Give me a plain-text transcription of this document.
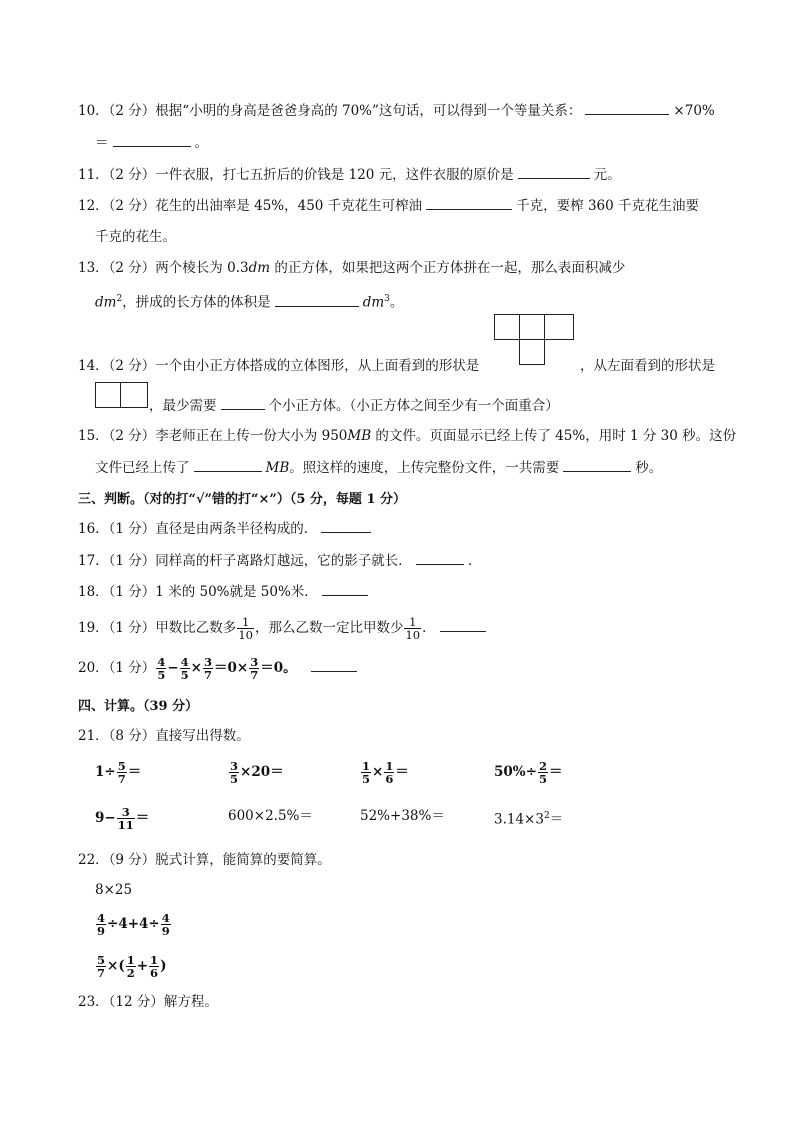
10．（2 分）根据“小明的身高是爸爸身高的 70%”这句话，可以得到一个等量关系：	×70%
＝	。
11．（2 分）一件衣服，打七五折后的价钱是 120 元，这件衣服的原价是	元。
12．（2 分）花生的出油率是 45%，450 千克花生可榨油	千克，要榨 360 千克花生油要
千克的花生。
13．（2 分）两个棱长为 0.3dm 的正方体，如果把这两个正方体拼在一起，那么表面积减少
$dm^2$，拼成的长方体的体积是	$dm^3$。
14．（2 分）一个由小正方体搭成的立体图形，从上面看到的形状是	，从左面看到的形状是
，最少需要	个小正方体。（小正方体之间至少有一个面重合）
15．（2 分）李老师正在上传一份大小为 950MB 的文件。页面显示已经上传了 45%，用时 1 分 30 秒。这份
文件已经上传了	MB。照这样的速度，上传完整份文件，一共需要	秒。
三、判断。（对的打“√”错的打“×”）（5 分，每题 1 分）
16．（1 分）直径是由两条半径构成的．
17．（1 分）同样高的杆子离路灯越远，它的影子就长．	．
18．（1 分）1 米的 50%就是 50%米．
19．（1 分）甲数比乙数多 $\frac{1}{10}$ ，那么乙数一定比甲数少 $\frac{1}{10}$ ．
20．（1 分） $\frac{4}{5} - \frac{4}{5} \times \frac{3}{7} =0\times \frac{3}{7} =0$。
四、计算。（39 分）
21．（8 分）直接写出得数。
$1\div \frac{5}{7}$ ＝	$\frac{3}{5} \times 20=$	$\frac{1}{5} \times \frac{1}{6}$ ＝	$50\%\div \frac{2}{5}$ ＝
$9- \frac{3}{11}$ ＝	600×2.5%＝	52%+38%＝	$3.14\times 3^2=$
22．（9 分）脱式计算，能简算的要简算。
8×25
$\frac{4}{9} \div 4+4\div \frac{4}{9}$
$\frac{5}{7}$ ×( $\frac{1}{2} + \frac{1}{6}$ )
23．（12 分）解方程。
